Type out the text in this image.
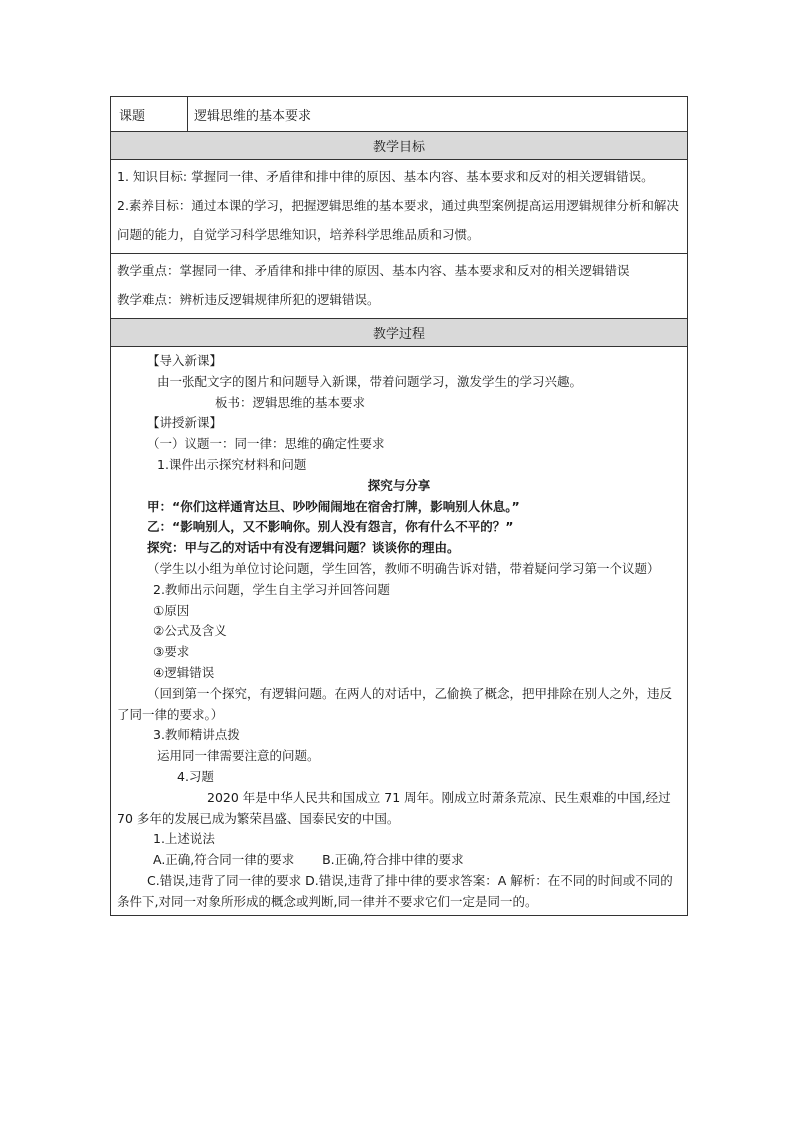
课题	逻辑思维的基本要求
教学目标
1. 知识目标: 掌握同一律、矛盾律和排中律的原因、基本内容、基本要求和反对的相关逻辑错误。
2.素养目标：通过本课的学习，把握逻辑思维的基本要求，通过典型案例提高运用逻辑规律分析和解决问题的能力，自觉学习科学思维知识，培养科学思维品质和习惯。
教学重点：掌握同一律、矛盾律和排中律的原因、基本内容、基本要求和反对的相关逻辑错误
教学难点：辨析违反逻辑规律所犯的逻辑错误。
教学过程

【导入新课】

由一张配文字的图片和问题导入新课，带着问题学习，激发学生的学习兴趣。

板书：逻辑思维的基本要求

【讲授新课】

（一）议题一：同一律：思维的确定性要求

1.课件出示探究材料和问题

探究与分享

甲：“你们这样通宵达旦、吵吵闹闹地在宿舍打牌，影响别人休息。”

乙：“影响别人，又不影响你。别人没有怨言，你有什么不平的？”

探究：甲与乙的对话中有没有逻辑问题？谈谈你的理由。

（学生以小组为单位讨论问题，学生回答，教师不明确告诉对错，带着疑问学习第一个议题）

2.教师出示问题，学生自主学习并回答问题

①原因

②公式及含义

③要求

④逻辑错误

（回到第一个探究，有逻辑问题。在两人的对话中，乙偷换了概念，把甲排除在别人之外，违反了同一律的要求。）

3.教师精讲点拨

运用同一律需要注意的问题。

4.习题

2020 年是中华人民共和国成立 71 周年。刚成立时萧条荒凉、民生艰难的中国,经过 70 多年的发展已成为繁荣昌盛、国泰民安的中国。

1.上述说法

A.正确,符合同一律的要求 B.正确,符合排中律的要求

C.错误,违背了同一律的要求 D.错误,违背了排中律的要求答案：A 解析：在不同的时间或不同的条件下,对同一对象所形成的概念或判断,同一律并不要求它们一定是同一的。
